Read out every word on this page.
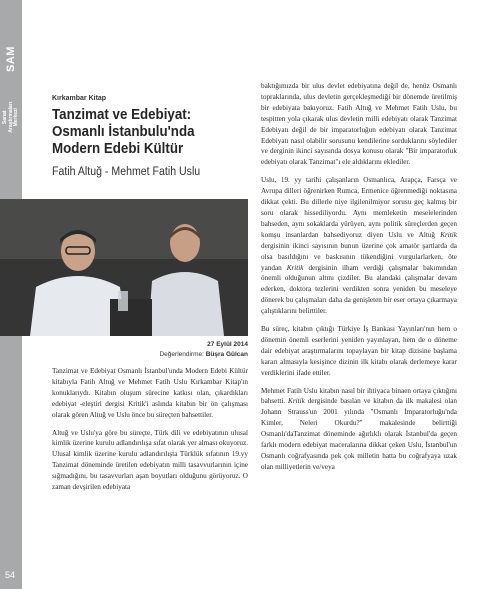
SAM
Sanat Araştırmaları Merkezi
54
Kırkambar Kitap
Tanzimat ve Edebiyat: Osmanlı İstanbulu'nda Modern Edebi Kültür
Fatih Altuğ - Mehmet Fatih Uslu
27 Eylül 2014
Değerlendirme: Büşra Gülcan

Tanzimat ve Edebiyat Osmanlı İstanbul'unda Modern Edebi Kültür kitabıyla Fatih Altuğ ve Mehmet Fatih Uslu Kırkambar Kitap'ın konuklarıydı. Kitabın oluşum sürecine katkısı olan, çıkardıkları edebiyat -eleştiri dergisi Kritik'i aslında kitabın bir ön çalışması olarak gören Altuğ ve Uslu önce bu süreçten bahsettiler.

Altuğ ve Uslu'ya göre bu süreçte, Türk dili ve edebiyatının ulusal kimlik üzerine kurulu adlandırılışa sıfat olarak yer alması okuyoruz. Ulusal kimlik üzerine kurulu adlandırılışta Türklük sıfatının 19.yy Tanzimat döneminde üretilen edebiyatın milli tasavvurlarının içine sığmadığını, bu tasavvurları aşan boyutları olduğunu görüyoruz. O zaman devşirilen edebiyata

baktığımızda bir ulus devlet edebiyatına değil de, henüz Osmanlı topraklarında, ulus devletin gerçekleşmediği bir dönemde üretilmiş bir edebiyata bakıyoruz. Fatih Altuğ ve Mehmet Fatih Uslu, bu tespitten yola çıkarak ulus devletin milli edebiyatı olarak Tanzimat Edebiyatı değil de bir imparatorluğun edebiyatı olarak Tanzimat Edebiyatı nasıl olabilir sorusunu kendilerine sorduklarını söylediler ve derginin ikinci sayısında dosya konusu olarak "Bir imparatorluk edebiyatı olarak Tanzimat"ı ele aldıklarını eklediler.

Uslu, 19. yy tarihi çalışanların Osmanlıca, Arapça, Farsça ve Avrupa dilleri öğrenirken Rumca, Ermenice öğrenmediği noktasına dikkat çekti. Bu dillerle niye ilgilenilmiyor sorusu geç kalmış bir soru olarak hissediliyordu. Aynı memleketin meselelerinden bahseden, aynı sokaklarda yürüyen, aynı politik süreçlerden geçen komşu insanlardan bahsediyoruz diyen Uslu ve Altuğ Kritik dergisinin ikinci sayısının bunun üzerine çok amatör şartlarda da olsa basıldığını ve baskısının tükendiğini vurgularlarken, öte yandan Kritik dergisinin ilham verdiği çalışmalar bakımından önemli olduğunun altını çizdiler. Bu alandaki çalışmalar devam ederken, doktora tezlerini verdikten sonra yeniden bu meseleye dönerek bu çalışmaları daha da genişleten bir eser ortaya çıkarmaya çalıştıklarını belirttiler.

Bu süreç, kitabın çıktığı Türkiye İş Bankası Yayınları'nın hem o dönemin önemli eserlerini yeniden yayınlayan, hem de o döneme dair edebiyat araştırmalarını topaylayan bir kitap dizisine başlama kararı almasıyla kesişince dizinin ilk kitabı olarak derlemeye karar verdiklerini ifade ettiler.

Mehmet Fatih Uslu kitabın nasıl bir ihtiyaca binaen ortaya çıktığını bahsetti. Kritik dergisinde basılan ve kitabın da ilk makalesi olan Johann Strauss'un 2001 yılında "Osmanlı İmparatorluğu'nda Kimler, Neleri Okurdu?" makalesinde belirttiği Osmanlı'daTanzimat döneminde ağırlıklı olarak İstanbul'da geçen farklı modern edebiyat maceralarına dikkat çeken Uslu, İstanbul'un Osmanlı coğrafyasında pek çok milletin hatta bu coğrafyaya uzak olan milliyetlerin ve/veya
